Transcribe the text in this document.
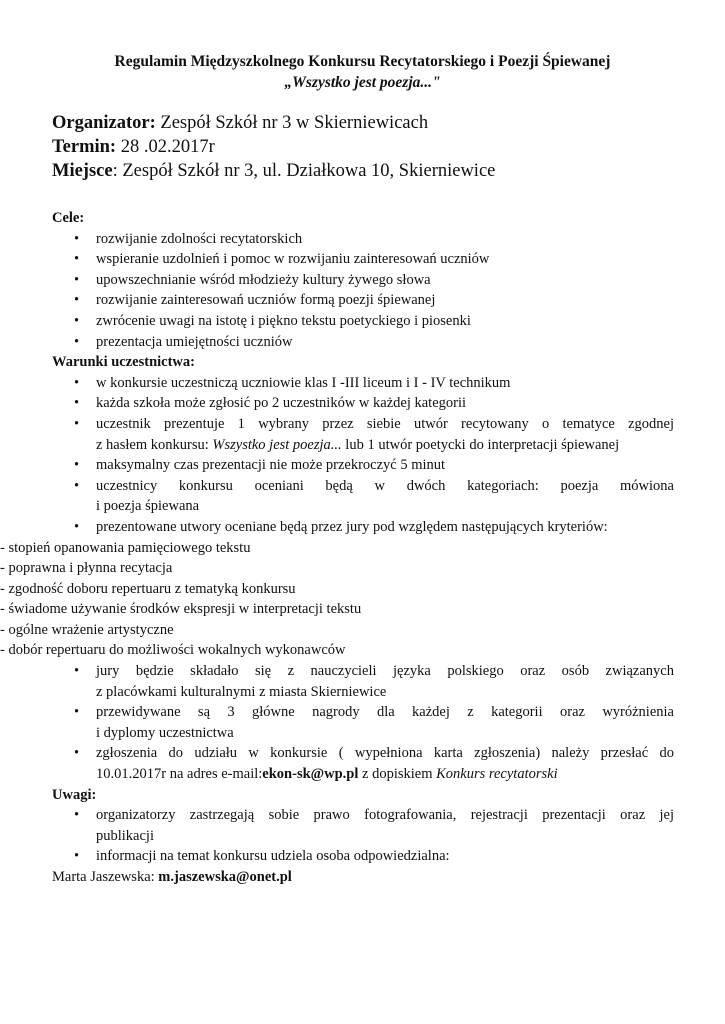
Regulamin Międzyszkolnego Konkursu Recytatorskiego i Poezji Śpiewanej
„Wszystko jest poezja..."
Organizator: Zespół Szkół nr 3 w Skierniewicach
Termin: 28 .02.2017r
Miejsce: Zespół Szkół nr 3, ul. Działkowa 10, Skierniewice
Cele:
• rozwijanie zdolności recytatorskich
• wspieranie uzdolnień i pomoc w rozwijaniu zainteresowań uczniów
• upowszechnianie wśród młodzieży kultury żywego słowa
• rozwijanie zainteresowań uczniów formą poezji śpiewanej
• zwrócenie uwagi na istotę i piękno tekstu poetyckiego i piosenki
• prezentacja umiejętności uczniów
Warunki uczestnictwa:
• w konkursie uczestniczą uczniowie klas I -III liceum i I - IV technikum
• każda szkoła może zgłosić po 2 uczestników w każdej kategorii
• uczestnik prezentuje 1 wybrany przez siebie utwór recytowany o tematyce zgodnej
z hasłem konkursu: Wszystko jest poezja... lub 1 utwór poetycki do interpretacji śpiewanej
• maksymalny czas prezentacji nie może przekroczyć 5 minut
• uczestnicy konkursu oceniani będą w dwóch kategoriach: poezja mówiona
i poezja śpiewana
• prezentowane utwory oceniane będą przez jury pod względem następujących kryteriów:
- stopień opanowania pamięciowego tekstu
- poprawna i płynna recytacja
- zgodność doboru repertuaru z tematyką konkursu
- świadome używanie środków ekspresji w interpretacji tekstu
- ogólne wrażenie artystyczne
- dobór repertuaru do możliwości wokalnych wykonawców
• jury będzie składało się z nauczycieli języka polskiego oraz osób związanych
z placówkami kulturalnymi z miasta Skierniewice
• przewidywane są 3 główne nagrody dla każdej z kategorii oraz wyróżnienia
i dyplomy uczestnictwa
• zgłoszenia do udziału w konkursie ( wypełniona karta zgłoszenia) należy przesłać do
10.01.2017r na adres e-mail:ekon-sk@wp.pl z dopiskiem Konkurs recytatorski
Uwagi:
• organizatorzy zastrzegają sobie prawo fotografowania, rejestracji prezentacji oraz jej
publikacji
• informacji na temat konkursu udziela osoba odpowiedzialna:
Marta Jaszewska: m.jaszewska@onet.pl
